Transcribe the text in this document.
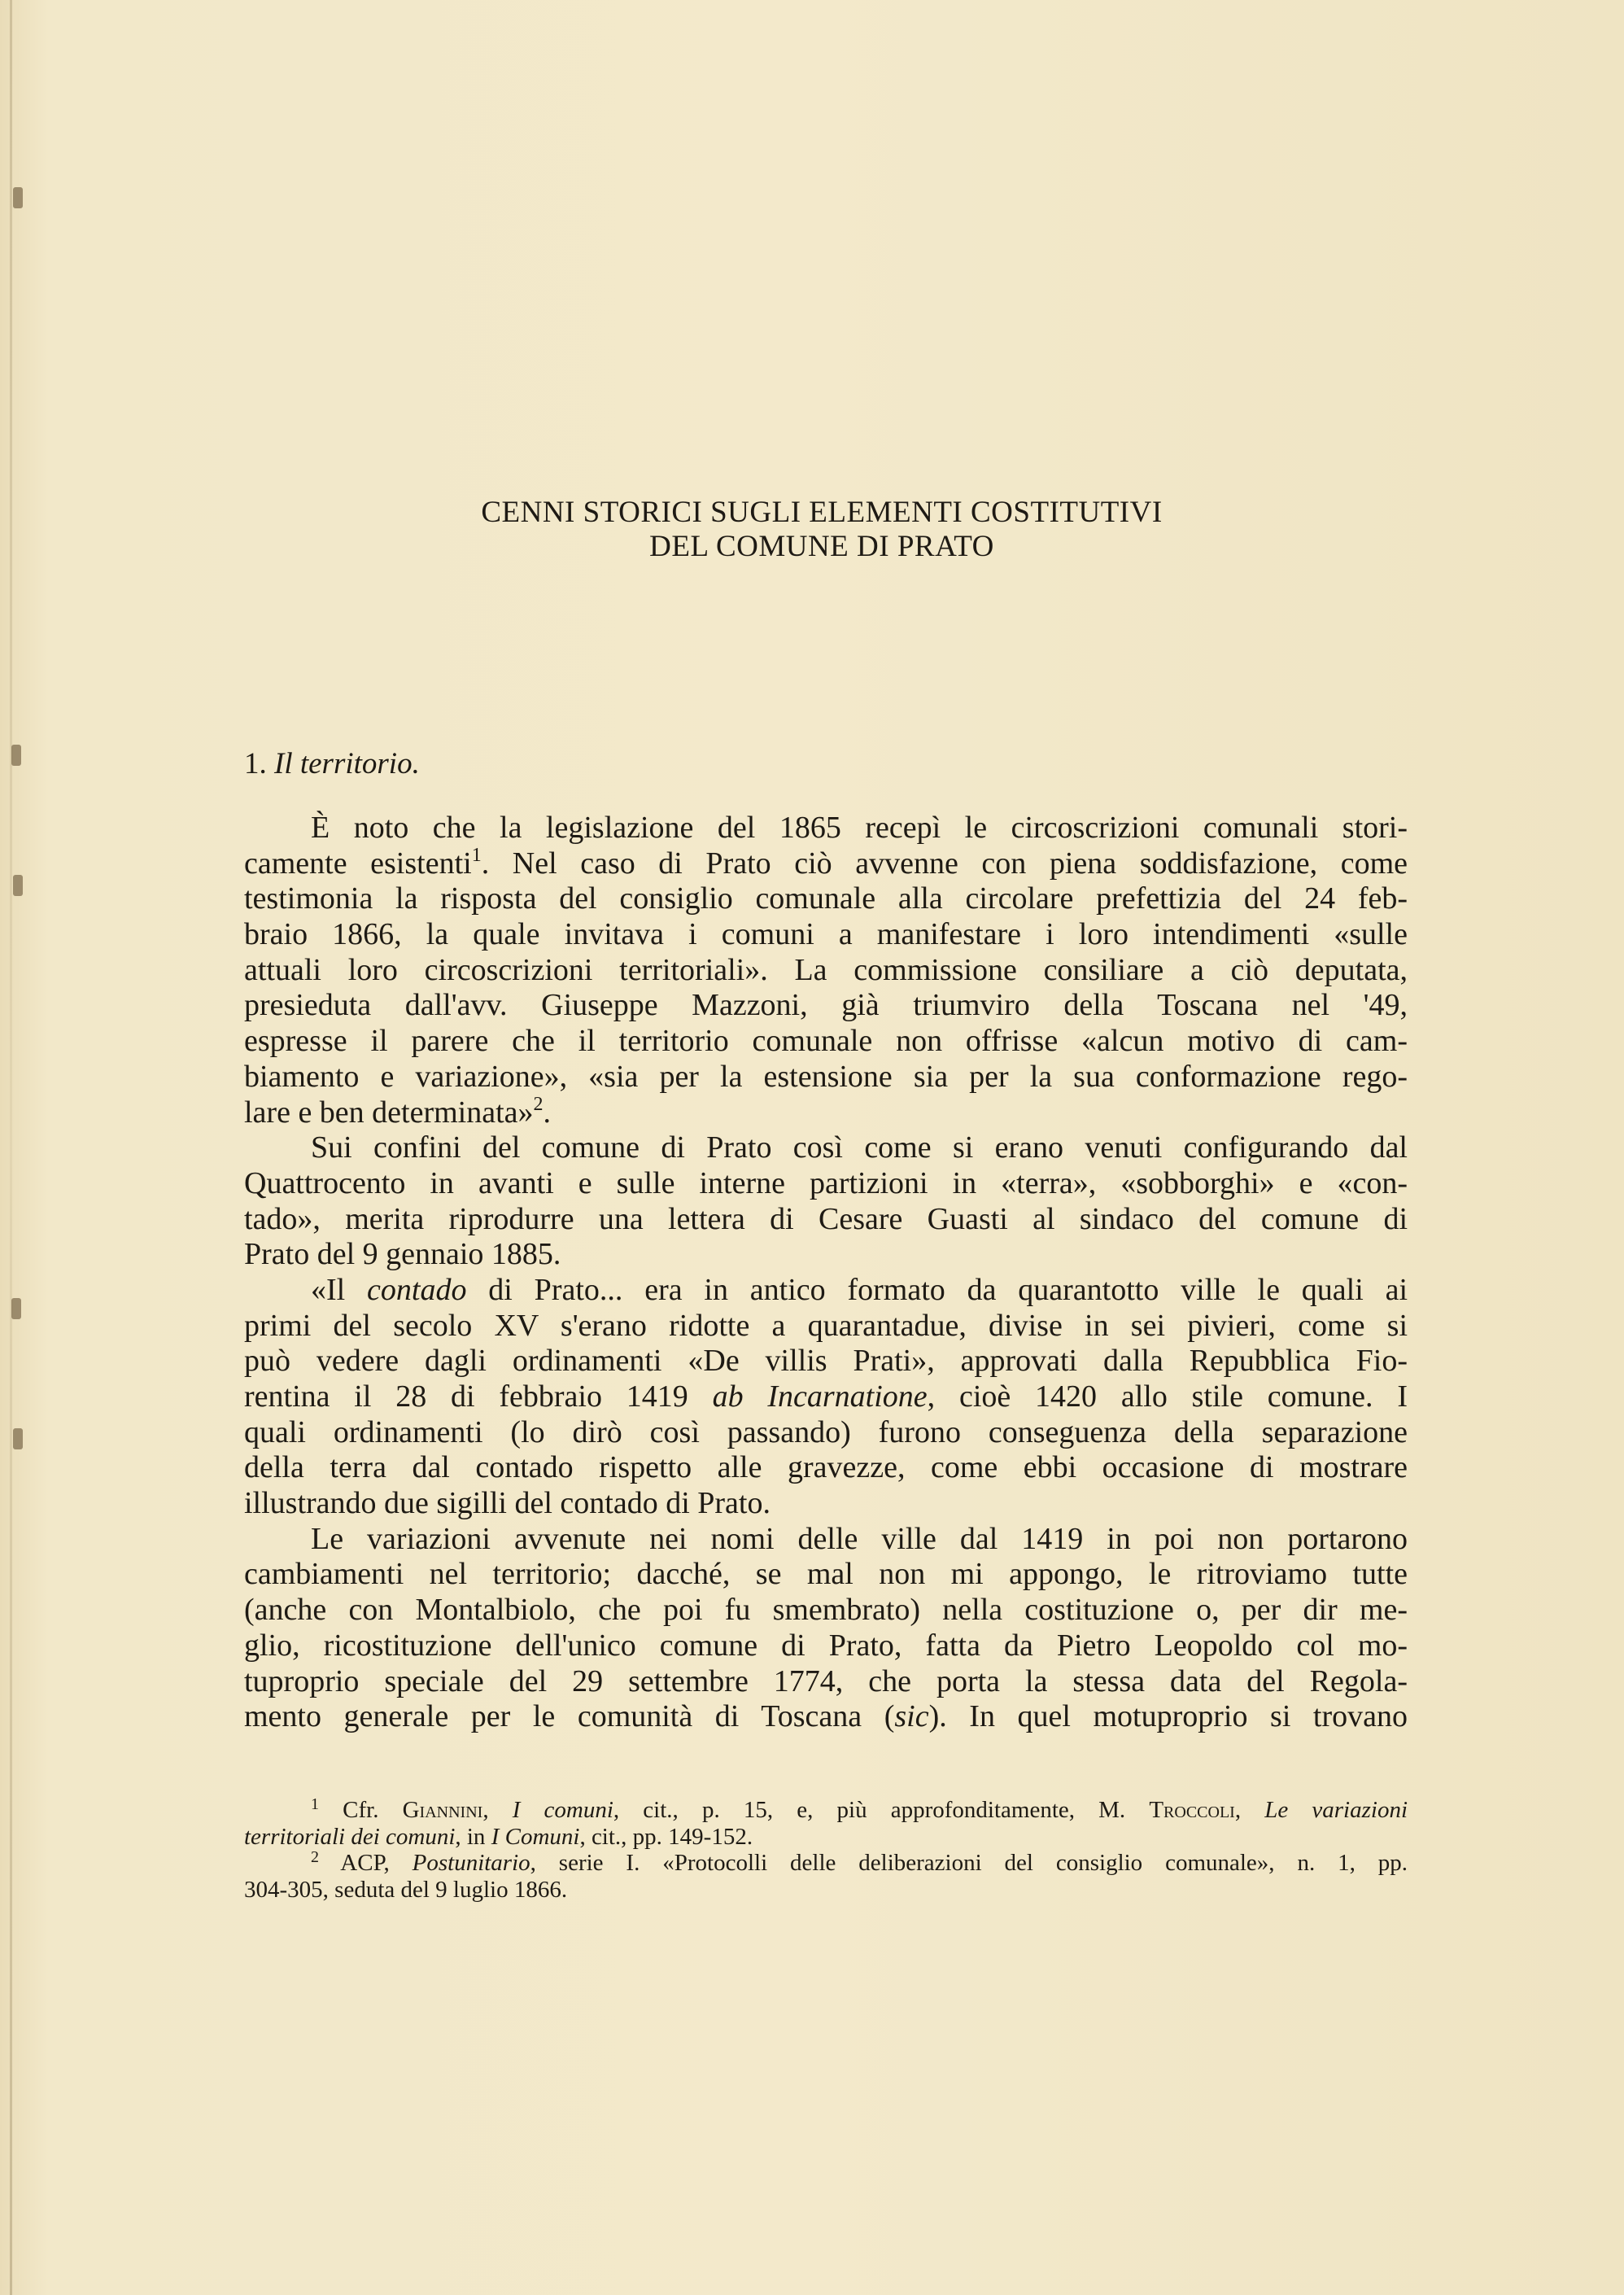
CENNI STORICI SUGLI ELEMENTI COSTITUTIVI
DEL COMUNE DI PRATO
1. Il territorio.
È noto che la legislazione del 1865 recepì le circoscrizioni comunali stori-
camente esistenti$^1$. Nel caso di Prato ciò avvenne con piena soddisfazione, come
testimonia la risposta del consiglio comunale alla circolare prefettizia del 24 feb-
braio 1866, la quale invitava i comuni a manifestare i loro intendimenti «sulle
attuali loro circoscrizioni territoriali». La commissione consiliare a ciò deputata,
presieduta dall'avv. Giuseppe Mazzoni, già triumviro della Toscana nel '49,
espresse il parere che il territorio comunale non offrisse «alcun motivo di cam-
biamento e variazione», «sia per la estensione sia per la sua conformazione rego-
lare e ben determinata»$^2$.
Sui confini del comune di Prato così come si erano venuti configurando dal
Quattrocento in avanti e sulle interne partizioni in «terra», «sobborghi» e «con-
tado», merita riprodurre una lettera di Cesare Guasti al sindaco del comune di
Prato del 9 gennaio 1885.
«Il contado di Prato... era in antico formato da quarantotto ville le quali ai
primi del secolo XV s'erano ridotte a quarantadue, divise in sei pivieri, come si
può vedere dagli ordinamenti «De villis Prati», approvati dalla Repubblica Fio-
rentina il 28 di febbraio 1419 ab Incarnatione, cioè 1420 allo stile comune. I
quali ordinamenti (lo dirò così passando) furono conseguenza della separazione
della terra dal contado rispetto alle gravezze, come ebbi occasione di mostrare
illustrando due sigilli del contado di Prato.
Le variazioni avvenute nei nomi delle ville dal 1419 in poi non portarono
cambiamenti nel territorio; dacché, se mal non mi appongo, le ritroviamo tutte
(anche con Montalbiolo, che poi fu smembrato) nella costituzione o, per dir me-
glio, ricostituzione dell'unico comune di Prato, fatta da Pietro Leopoldo col mo-
tuproprio speciale del 29 settembre 1774, che porta la stessa data del Regola-
mento generale per le comunità di Toscana (sic). In quel motuproprio si trovano
$^1$ Cfr. Giannini, I comuni, cit., p. 15, e, più approfonditamente, M. Troccoli, Le variazioni
territoriali dei comuni, in I Comuni, cit., pp. 149-152.
$^2$ ACP, Postunitario, serie I. «Protocolli delle deliberazioni del consiglio comunale», n. 1, pp.
304-305, seduta del 9 luglio 1866.
